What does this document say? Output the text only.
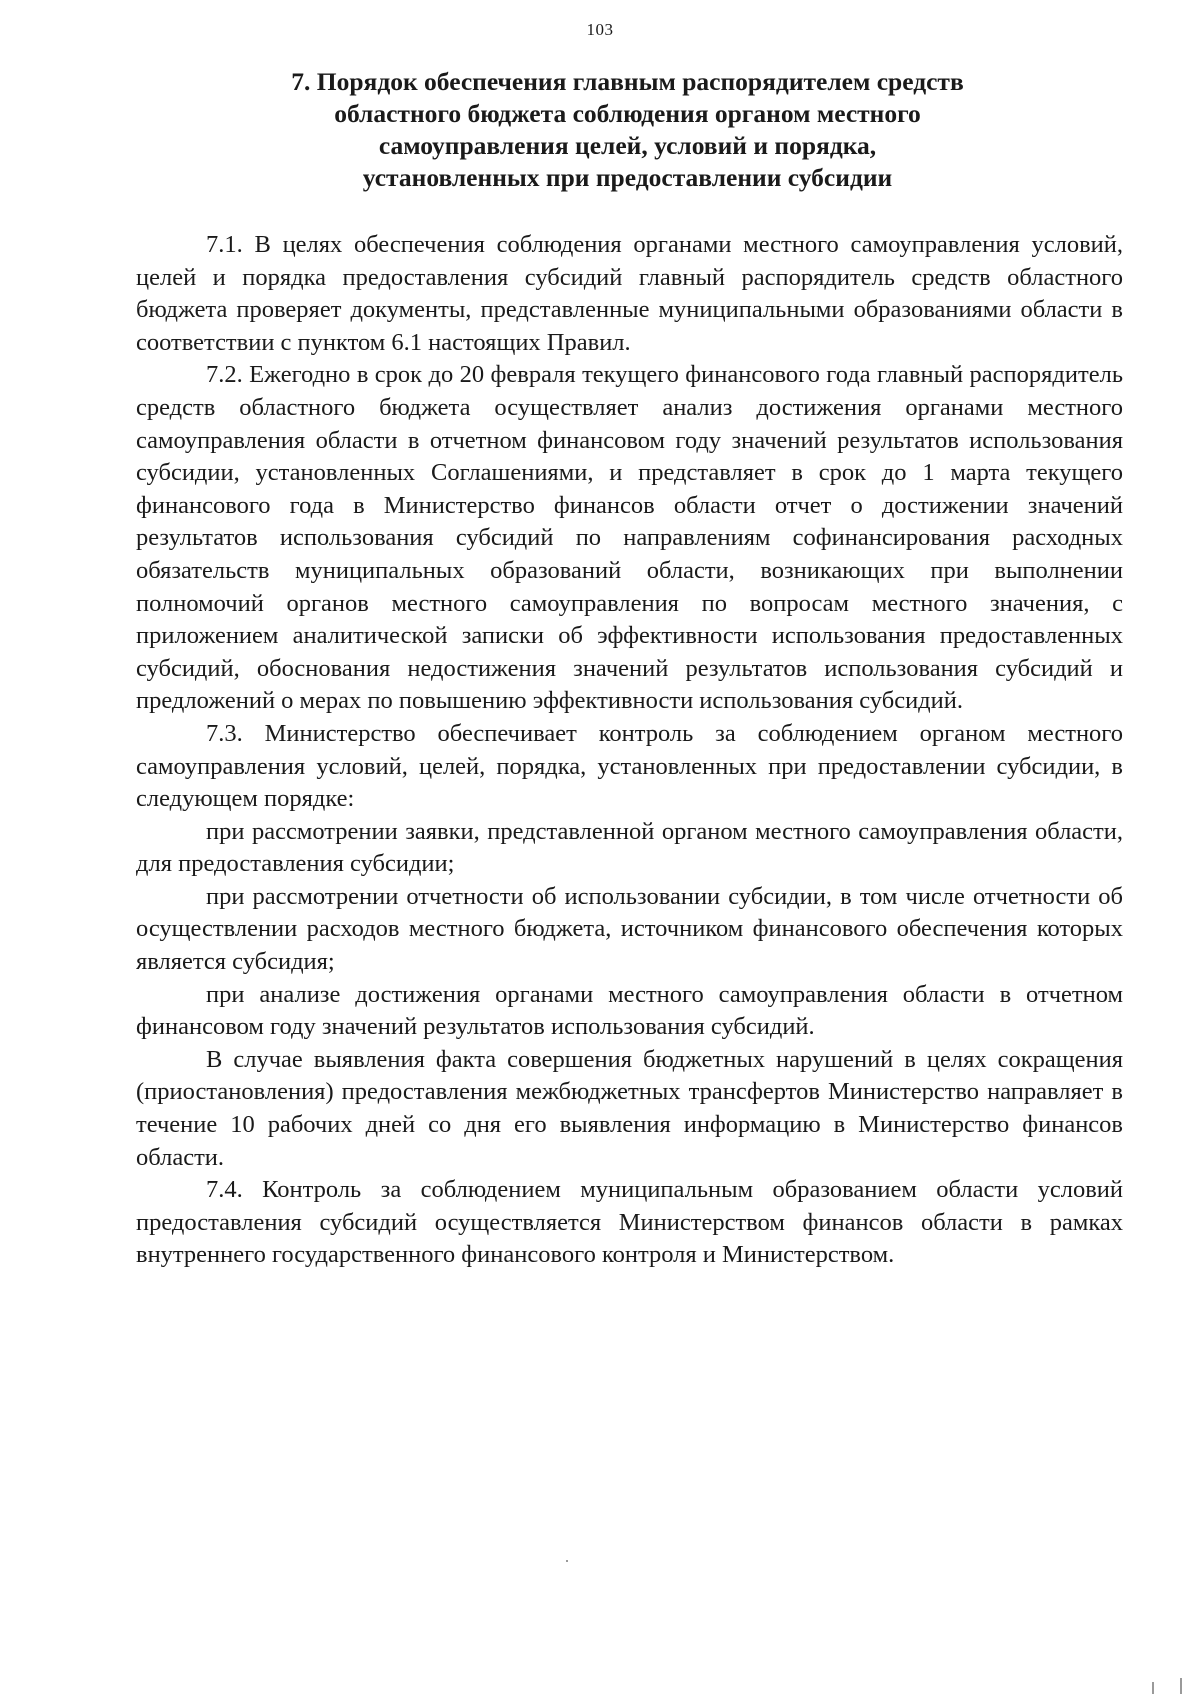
103
7. Порядок обеспечения главным распорядителем средств
областного бюджета соблюдения органом местного
самоуправления целей, условий и порядка,
установленных при предоставлении субсидии

7.1. В целях обеспечения соблюдения органами местного самоуправления условий, целей и порядка предоставления субсидий главный распорядитель средств областного бюджета проверяет документы, представленные муниципальными образованиями области в соответствии с пунктом 6.1 настоящих Правил.

7.2. Ежегодно в срок до 20 февраля текущего финансового года главный распорядитель средств областного бюджета осуществляет анализ достижения органами местного самоуправления области в отчетном финансовом году значений результатов использования субсидии, установленных Соглашениями, и представляет в срок до 1 марта текущего финансового года в Министерство финансов области отчет о достижении значений результатов использования субсидий по направлениям софинансирования расходных обязательств муниципальных образований области, возникающих при выполнении полномочий органов местного самоуправления по вопросам местного значения, с приложением аналитической записки об эффективности использования предоставленных субсидий, обоснования недостижения значений результатов использования субсидий и предложений о мерах по повышению эффективности использования субсидий.

7.3. Министерство обеспечивает контроль за соблюдением органом местного самоуправления условий, целей, порядка, установленных при предоставлении субсидии, в следующем порядке:

при рассмотрении заявки, представленной органом местного самоуправления области, для предоставления субсидии;

при рассмотрении отчетности об использовании субсидии, в том числе отчетности об осуществлении расходов местного бюджета, источником финансового обеспечения которых является субсидия;

при анализе достижения органами местного самоуправления области в отчетном финансовом году значений результатов использования субсидий.

В случае выявления факта совершения бюджетных нарушений в целях сокращения (приостановления) предоставления межбюджетных трансфертов Министерство направляет в течение 10 рабочих дней со дня его выявления информацию в Министерство финансов области.

7.4. Контроль за соблюдением муниципальным образованием области условий предоставления субсидий осуществляется Министерством финансов области в рамках внутреннего государственного финансового контроля и Министерством.
